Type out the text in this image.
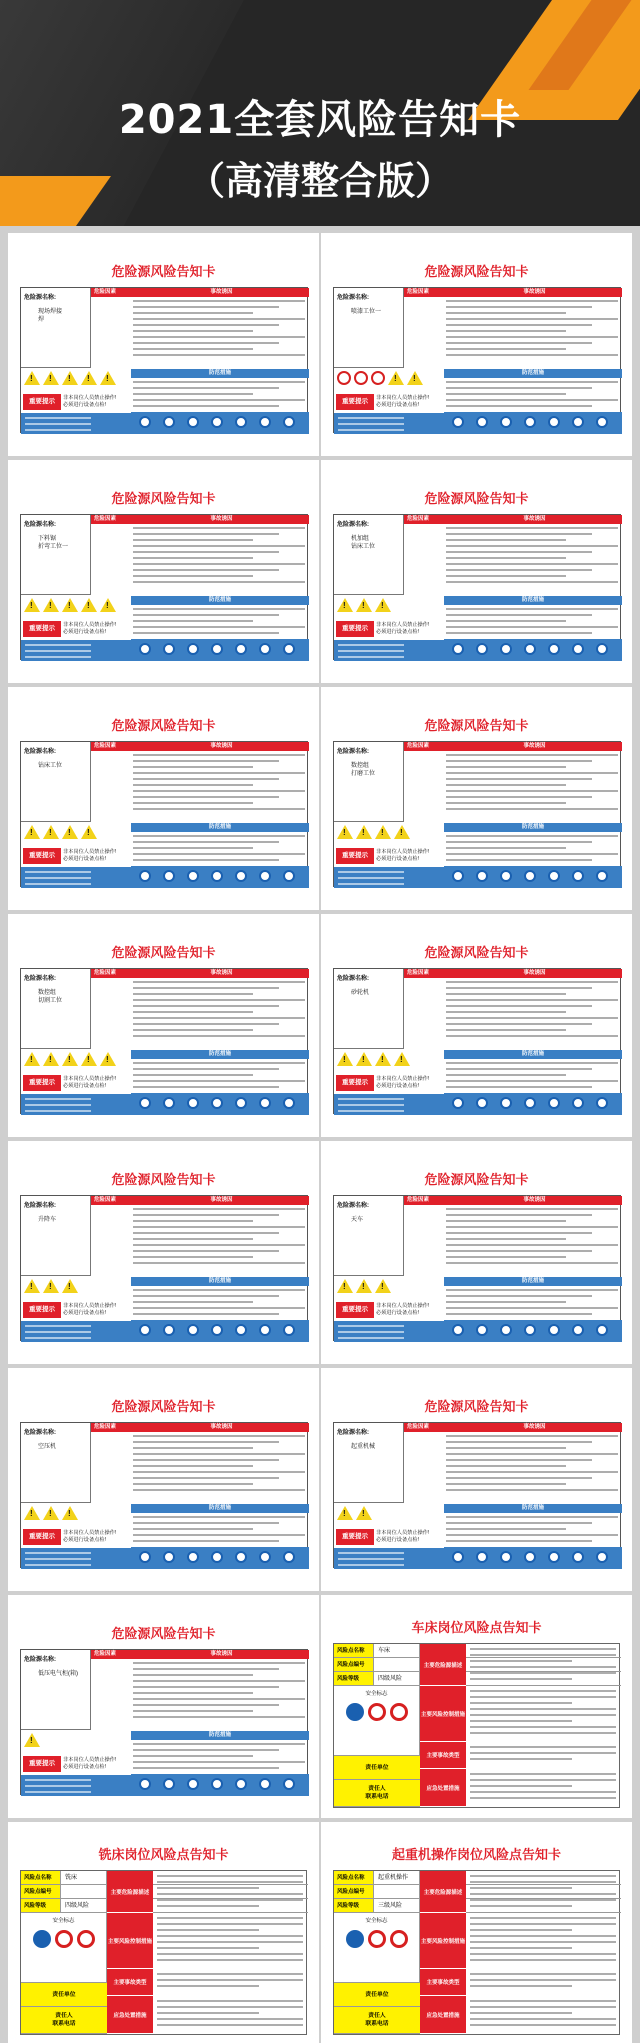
2021全套风险告知卡
（高清整合版）
危险源风险告知卡
危险源名称:
现场焊接
焊
危险因素	事故诱因
!
!
!
!
!
防范措施
重要提示	非本岗位人员禁止操作!
必须进行设备点检!
危险源风险告知卡
危险源名称:
喷漆工位一
危险因素	事故诱因
!
!
防范措施
重要提示	非本岗位人员禁止操作!
必须进行设备点检!
危险源风险告知卡
危险源名称:
下料锯
折弯工位一
危险因素	事故诱因
!
!
!
!
!
防范措施
重要提示	非本岗位人员禁止操作!
必须进行设备点检!
危险源风险告知卡
危险源名称:
机加组
钻床工位
危险因素	事故诱因
!
!
!
防范措施
重要提示	非本岗位人员禁止操作!
必须进行设备点检!
危险源风险告知卡
危险源名称:
钻床工位
危险因素	事故诱因
!
!
!
!
防范措施
重要提示	非本岗位人员禁止操作!
必须进行设备点检!
危险源风险告知卡
危险源名称:
数控组
打磨工位
危险因素	事故诱因
!
!
!
!
防范措施
重要提示	非本岗位人员禁止操作!
必须进行设备点检!
危险源风险告知卡
危险源名称:
数控组
切割工位
危险因素	事故诱因
!
!
!
!
!
防范措施
重要提示	非本岗位人员禁止操作!
必须进行设备点检!
危险源风险告知卡
危险源名称:
砂轮机
危险因素	事故诱因
!
!
!
!
防范措施
重要提示	非本岗位人员禁止操作!
必须进行设备点检!
危险源风险告知卡
危险源名称:
升降车
危险因素	事故诱因
!
!
!
防范措施
重要提示	非本岗位人员禁止操作!
必须进行设备点检!
危险源风险告知卡
危险源名称:
天车
危险因素	事故诱因
!
!
!
防范措施
重要提示	非本岗位人员禁止操作!
必须进行设备点检!
危险源风险告知卡
危险源名称:
空压机
危险因素	事故诱因
!
!
!
防范措施
重要提示	非本岗位人员禁止操作!
必须进行设备点检!
危险源风险告知卡
危险源名称:
起重机械
危险因素	事故诱因
!
!
防范措施
重要提示	非本岗位人员禁止操作!
必须进行设备点检!
危险源风险告知卡
危险源名称:
低压电气柜(箱)
危险因素	事故诱因
!
防范措施
重要提示	非本岗位人员禁止操作!
必须进行设备点检!
车床岗位风险点告知卡
风险点名称	车床
风险点编号
风险等级	四级风险
安全标志
责任单位
责任人
联系电话
主要危险源描述
主要风险控制措施
主要事故类型
应急处置措施
铣床岗位风险点告知卡
风险点名称	铣床
风险点编号
风险等级	四级风险
安全标志
责任单位
责任人
联系电话
主要危险源描述
主要风险控制措施
主要事故类型
应急处置措施
起重机操作岗位风险点告知卡
风险点名称	起重机操作
风险点编号
风险等级	三级风险
安全标志
责任单位
责任人
联系电话
主要危险源描述
主要风险控制措施
主要事故类型
应急处置措施
